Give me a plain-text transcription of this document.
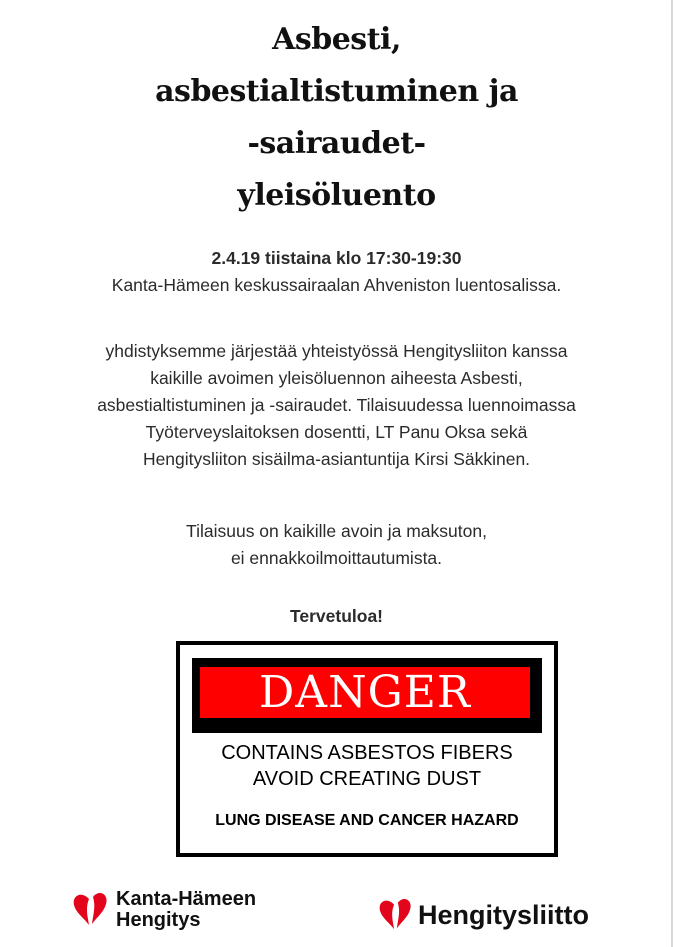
Asbesti,
asbestialtistuminen ja
-sairaudet-
yleisöluento
2.4.19 tiistaina klo 17:30-19:30
Kanta-Hämeen keskussairaalan Ahveniston luentosalissa.
yhdistyksemme järjestää yhteistyössä Hengitysliiton kanssa
kaikille avoimen yleisöluennon aiheesta Asbesti,
asbestialtistuminen ja -sairaudet. Tilaisuudessa luennoimassa
Työterveyslaitoksen dosentti, LT Panu Oksa sekä
Hengitysliiton sisäilma-asiantuntija Kirsi Säkkinen.
Tilaisuus on kaikille avoin ja maksuton,
ei ennakkoilmoittautumista.
Tervetuloa!
DANGER
CONTAINS ASBESTOS FIBERS
AVOID CREATING DUST
LUNG DISEASE AND CANCER HAZARD
Kanta-Hämeen
Hengitys	Hengitysliitto
